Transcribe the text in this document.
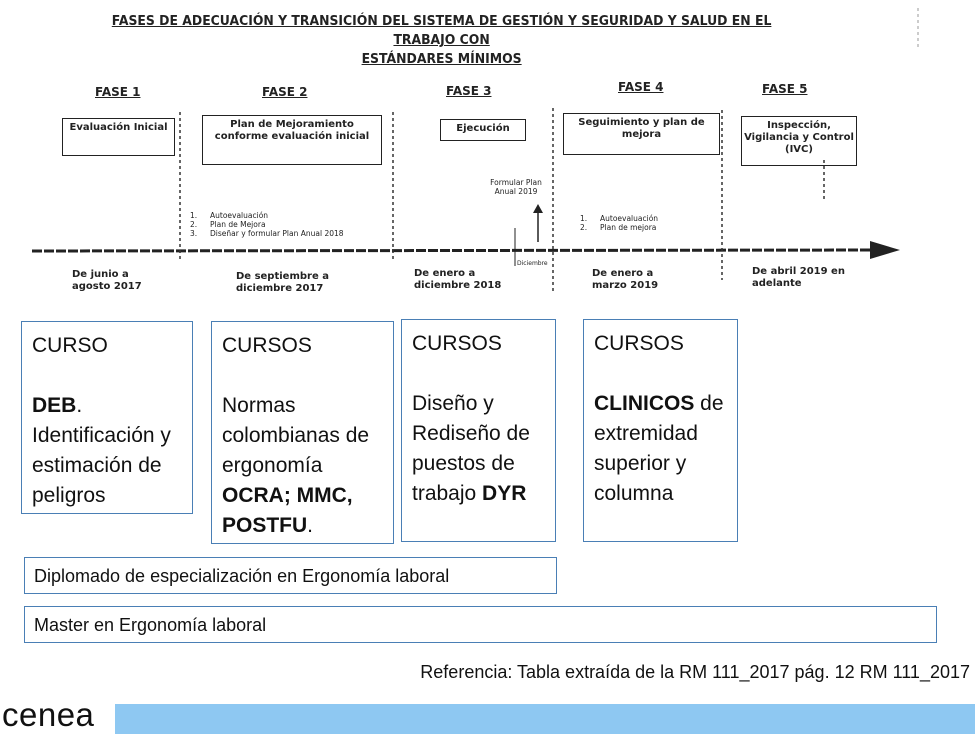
FASES DE ADECUACIÓN Y TRANSICIÓN DEL SISTEMA DE GESTIÓN Y SEGURIDAD Y SALUD EN EL TRABAJO CON
ESTÁNDARES MÍNIMOS
FASE 1	FASE 2	FASE 3	FASE 4	FASE 5
Evaluación Inicial	Plan de Mejoramiento conforme evaluación inicial
Ejecución
Seguimiento y plan de mejora
Inspección, Vigilancia y Control (IVC)
1. Autoevaluación
2. Plan de Mejora
3. Diseñar y formular Plan Anual 2018
1. Autoevaluación
2. Plan de mejora
Formular Plan Anual 2019
Diciembre
De junio a agosto 2017
De septiembre a diciembre 2017
De enero a diciembre 2018
De enero a marzo 2019
De abril 2019 en adelante
CURSO
DEB. Identificación y estimación de peligros
CURSOS
Normas colombianas de ergonomía OCRA; MMC, POSTFU.
CURSOS
Diseño y Rediseño de puestos de trabajo DYR
CURSOS
CLINICOS de extremidad superior y columna
Diplomado de especialización en Ergonomía laboral
Master en Ergonomía laboral
Referencia: Tabla extraída de la RM 111_2017 pág. 12 RM 111_2017
cenea
